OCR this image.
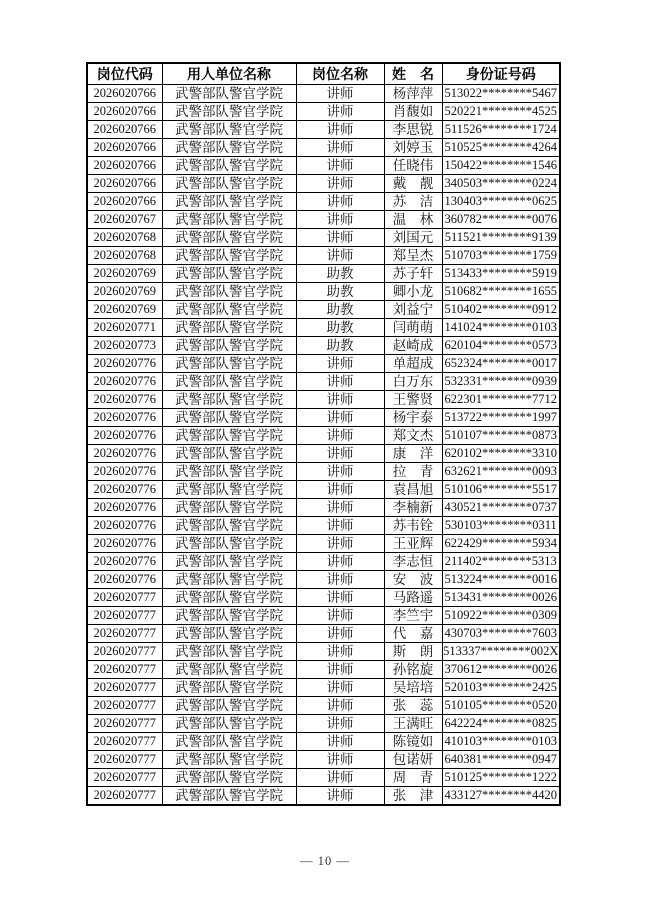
岗位代码	用人单位名称	岗位名称	姓　名	身份证号码
2026020766	武警部队警官学院	讲师	杨萍萍	513022********5467
2026020766	武警部队警官学院	讲师	肖馥如	520221********4525
2026020766	武警部队警官学院	讲师	李思锐	511526********1724
2026020766	武警部队警官学院	讲师	刘婷玉	510525********4264
2026020766	武警部队警官学院	讲师	任晓伟	150422********1546
2026020766	武警部队警官学院	讲师	戴　靓	340503********0224
2026020766	武警部队警官学院	讲师	苏　洁	130403********0625
2026020767	武警部队警官学院	讲师	温　林	360782********0076
2026020768	武警部队警官学院	讲师	刘国元	511521********9139
2026020768	武警部队警官学院	讲师	郑呈杰	510703********1759
2026020769	武警部队警官学院	助教	苏子轩	513433********5919
2026020769	武警部队警官学院	助教	卿小龙	510682********1655
2026020769	武警部队警官学院	助教	刘益宁	510402********0912
2026020771	武警部队警官学院	助教	闫萌萌	141024********0103
2026020773	武警部队警官学院	助教	赵崎成	620104********0573
2026020776	武警部队警官学院	讲师	单超成	652324********0017
2026020776	武警部队警官学院	讲师	白万东	532331********0939
2026020776	武警部队警官学院	讲师	王警贤	622301********7712
2026020776	武警部队警官学院	讲师	杨宇泰	513722********1997
2026020776	武警部队警官学院	讲师	郑文杰	510107********0873
2026020776	武警部队警官学院	讲师	康　洋	620102********3310
2026020776	武警部队警官学院	讲师	拉　青	632621********0093
2026020776	武警部队警官学院	讲师	袁昌旭	510106********5517
2026020776	武警部队警官学院	讲师	李楠新	430521********0737
2026020776	武警部队警官学院	讲师	苏韦铨	530103********0311
2026020776	武警部队警官学院	讲师	王亚辉	622429********5934
2026020776	武警部队警官学院	讲师	李志恒	211402********5313
2026020776	武警部队警官学院	讲师	安　波	513224********0016
2026020777	武警部队警官学院	讲师	马路遥	513431********0026
2026020777	武警部队警官学院	讲师	李竺宇	510922********0309
2026020777	武警部队警官学院	讲师	代　嘉	430703********7603
2026020777	武警部队警官学院	讲师	斯　朗	513337********002X
2026020777	武警部队警官学院	讲师	孙铭旋	370612********0026
2026020777	武警部队警官学院	讲师	吴培培	520103********2425
2026020777	武警部队警官学院	讲师	张　蕊	510105********0520
2026020777	武警部队警官学院	讲师	王满旺	642224********0825
2026020777	武警部队警官学院	讲师	陈镜如	410103********0103
2026020777	武警部队警官学院	讲师	包诺妍	640381********0947
2026020777	武警部队警官学院	讲师	周　青	510125********1222
2026020777	武警部队警官学院	讲师	张　津	433127********4420
— 10 —
